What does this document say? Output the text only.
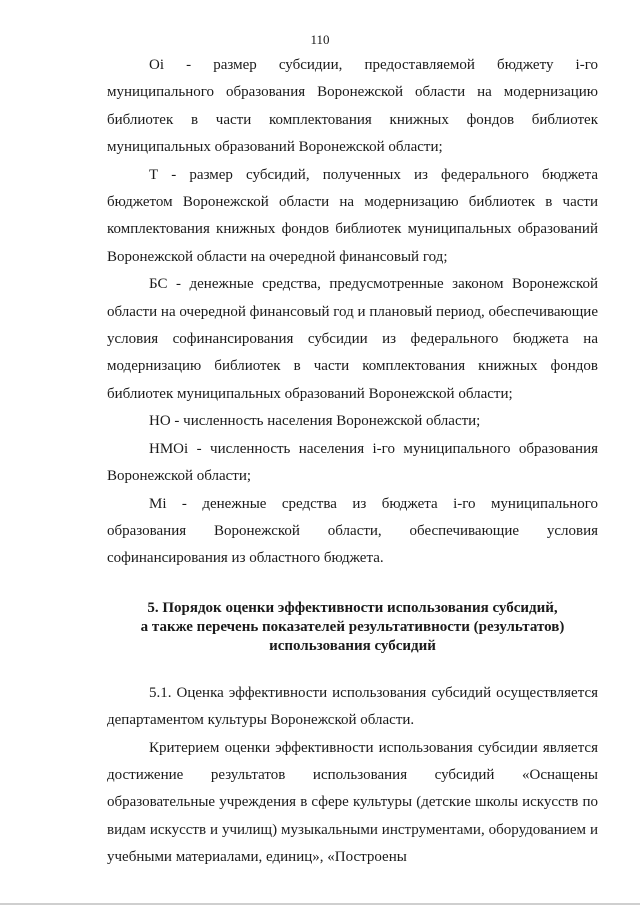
110

Oi - размер субсидии, предоставляемой бюджету i-го муниципального образования Воронежской области на модернизацию библиотек в части комплектования книжных фондов библиотек муниципальных образований Воронежской области;

Т - размер субсидий, полученных из федерального бюджета бюджетом Воронежской области на модернизацию библиотек в части комплектования книжных фондов библиотек муниципальных образований Воронежской области на очередной финансовый год;

БС - денежные средства, предусмотренные законом Воронежской области на очередной финансовый год и плановый период, обеспечивающие условия софинансирования субсидии из федерального бюджета на модернизацию библиотек в части комплектования книжных фондов библиотек муниципальных образований Воронежской области;

НО - численность населения Воронежской области;

НМОi - численность населения i-го муниципального образования Воронежской области;

Mi - денежные средства из бюджета i-го муниципального образования Воронежской области, обеспечивающие условия софинансирования из областного бюджета.

5. Порядок оценки эффективности использования субсидий,
а также перечень показателей результативности (результатов)
использования субсидий

5.1. Оценка эффективности использования субсидий осуществляется департаментом культуры Воронежской области.

Критерием оценки эффективности использования субсидии является достижение результатов использования субсидий «Оснащены образовательные учреждения в сфере культуры (детские школы искусств по видам искусств и училищ) музыкальными инструментами, оборудованием и учебными материалами, единиц», «Построены
